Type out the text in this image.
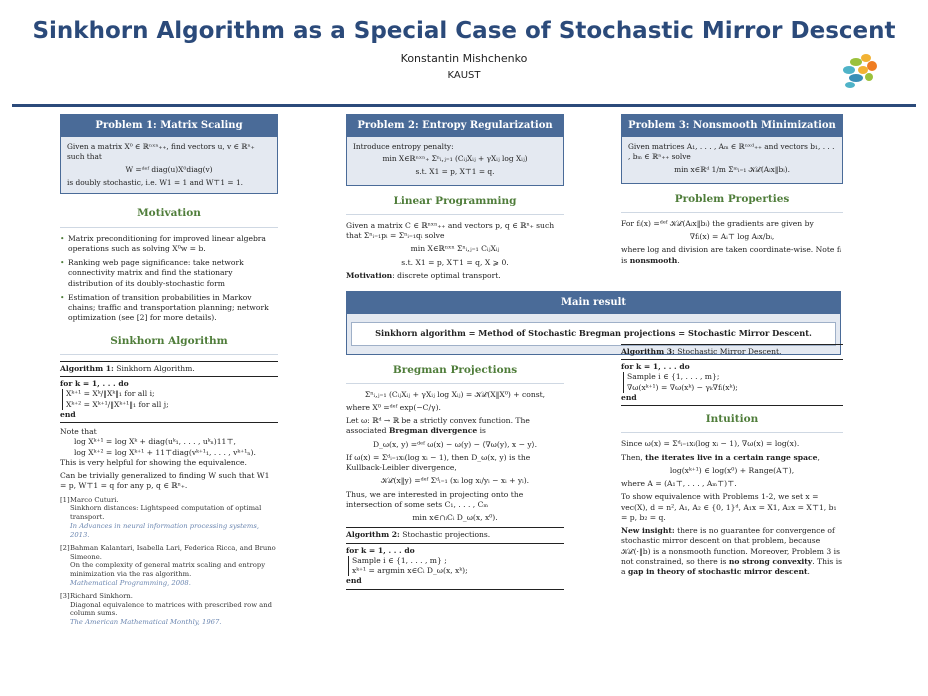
Sinkhorn Algorithm as a Special Case of Stochastic Mirror Descent
Konstantin Mishchenko
KAUST
Problem 1: Matrix Scaling
Given a matrix X⁰ ∈ ℝⁿˣⁿ₊₊, find vectors u, v ∈ ℝⁿ₊ such that
W =ᵈᵉᶠ diag(u)X⁰diag(v)
is doubly stochastic, i.e. W1 = 1 and W⊤1 = 1.
Motivation
• Matrix preconditioning for improved linear algebra operations such as solving X⁰w = b.
• Ranking web page significance: take network connectivity matrix and find the stationary distribution of its doubly-stochastic form
• Estimation of transition probabilities in Markov chains; traffic and transportation planning; network optimization (see [2] for more details).
Sinkhorn Algorithm
Algorithm 1: Sinkhorn Algorithm.
for k = 1, . . . do
Xᵏ⁺¹ = Xᵏ/‖Xᵏ‖₁ for all i;
Xᵏ⁺² = Xᵏ⁺¹/‖Xᵏ⁺¹‖₁ for all j;
end
Note that
log Xᵏ⁺¹ = log Xᵏ + diag(uᵏ₁, . . . , uᵏₙ)11⊤,
log Xᵏ⁺² = log Xᵏ⁺¹ + 11⊤diag(vᵏ⁺¹₁, . . . , vᵏ⁺¹ₙ).

This is very helpful for showing the equivalence.

Can be trivially generalized to finding W such that W1 = p, W⊤1 = q for any p, q ∈ ℝⁿ₊.

[1] Marco Cuturi.
Sinkhorn distances: Lightspeed computation of optimal transport.
In Advances in neural information processing systems, 2013.
[2] Bahman Kalantari, Isabella Lari, Federica Ricca, and Bruno Simeone.
On the complexity of general matrix scaling and entropy minimization via the ras algorithm.
Mathematical Programming, 2008.
[3] Richard Sinkhorn.
Diagonal equivalence to matrices with prescribed row and column sums.
The American Mathematical Monthly, 1967.
Problem 2: Entropy Regularization
Introduce entropy penalty:
min X∈ℝⁿˣⁿ₊ Σⁿᵢ,ⱼ₌₁ (CᵢⱼXᵢⱼ + γXᵢⱼ log Xᵢⱼ)
s.t. X1 = p, X⊤1 = q.
Linear Programming

Given a matrix C ∈ ℝⁿˣⁿ₊₊ and vectors p, q ∈ ℝⁿ₊ such that Σⁿᵢ₌₁pᵢ = Σⁿᵢ₌₁qᵢ solve

min X∈ℝⁿˣⁿ Σⁿᵢ,ⱼ₌₁ CᵢⱼXᵢⱼ
s.t. X1 = p, X⊤1 = q, X ⩾ 0.

Motivation: discrete optimal transport.

Main result
Sinkhorn algorithm = Method of Stochastic Bregman projections = Stochastic Mirror Descent.
Bregman Projections
Σⁿᵢ,ⱼ₌₁ (CᵢⱼXᵢⱼ + γXᵢⱼ log Xᵢⱼ) = 𝒦ℒ(X‖X⁰) + const,

where X⁰ =ᵈᵉᶠ exp(−C/γ).

Let ω: ℝᵈ → ℝ be a strictly convex function. The associated Bregman divergence is

D_ω(x, y) =ᵈᵉᶠ ω(x) − ω(y) − ⟨∇ω(y), x − y⟩.

If ω(x) = Σᵈᵢ₌₁xᵢ(log xᵢ − 1), then D_ω(x, y) is the Kullback-Leibler divergence,

𝒦ℒ(x‖y) =ᵈᵉᶠ Σᵈᵢ₌₁ (xᵢ log xᵢ/yᵢ − xᵢ + yᵢ).

Thus, we are interested in projecting onto the intersection of some sets C₁, . . . , Cₘ

min x∈∩ᵢCᵢ D_ω(x, x⁰).
Algorithm 2: Stochastic projections.
for k = 1, . . . do
Sample i ∈ {1, . . . , m} ;
xᵏ⁺¹ = argmin x∈Cᵢ D_ω(x, xᵏ);
end
Problem 3: Nonsmooth Minimization
Given matrices A₁, . . . , Aₘ ∈ ℝⁿˣᵈ₊₊ and vectors b₁, . . . , bₘ ∈ ℝⁿ₊₊ solve
min x∈ℝᵈ 1/m Σᵐᵢ₌₁ 𝒦ℒ(Aᵢx‖bᵢ).
Problem Properties

For fᵢ(x) =ᵈᵉᶠ 𝒦ℒ(Aᵢx‖bᵢ) the gradients are given by

∇fᵢ(x) = Aᵢ⊤ log Aᵢx/bᵢ,

where log and division are taken coordinate-wise. Note fᵢ is nonsmooth.

Algorithm 3: Stochastic Mirror Descent.
for k = 1, . . . do
Sample i ∈ {1, . . . , m};
∇ω(xᵏ⁺¹) = ∇ω(xᵏ) − γₖ∇fᵢ(xᵏ);
end
Intuition

Since ω(x) = Σᵈᵢ₌₁xᵢ(log xᵢ − 1), ∇ω(x) = log(x).

Then, the iterates live in a certain range space,

log(xᵏ⁺¹) ∈ log(x⁰) + Range(A⊤),

where A = (A₁⊤, . . . , Aₘ⊤)⊤.

To show equivalence with Problems 1-2, we set x = vec(X), d = n², A₁, A₂ ∈ {0, 1}ᵈ, A₁x = X1, A₂x = X⊤1, b₁ = p, b₂ = q.

New insight: there is no guarantee for convergence of stochastic mirror descent on that problem, because 𝒦ℒ(·‖b) is a nonsmooth function. Moreover, Problem 3 is not constrained, so there is no strong convexity. This is a gap in theory of stochastic mirror descent.
